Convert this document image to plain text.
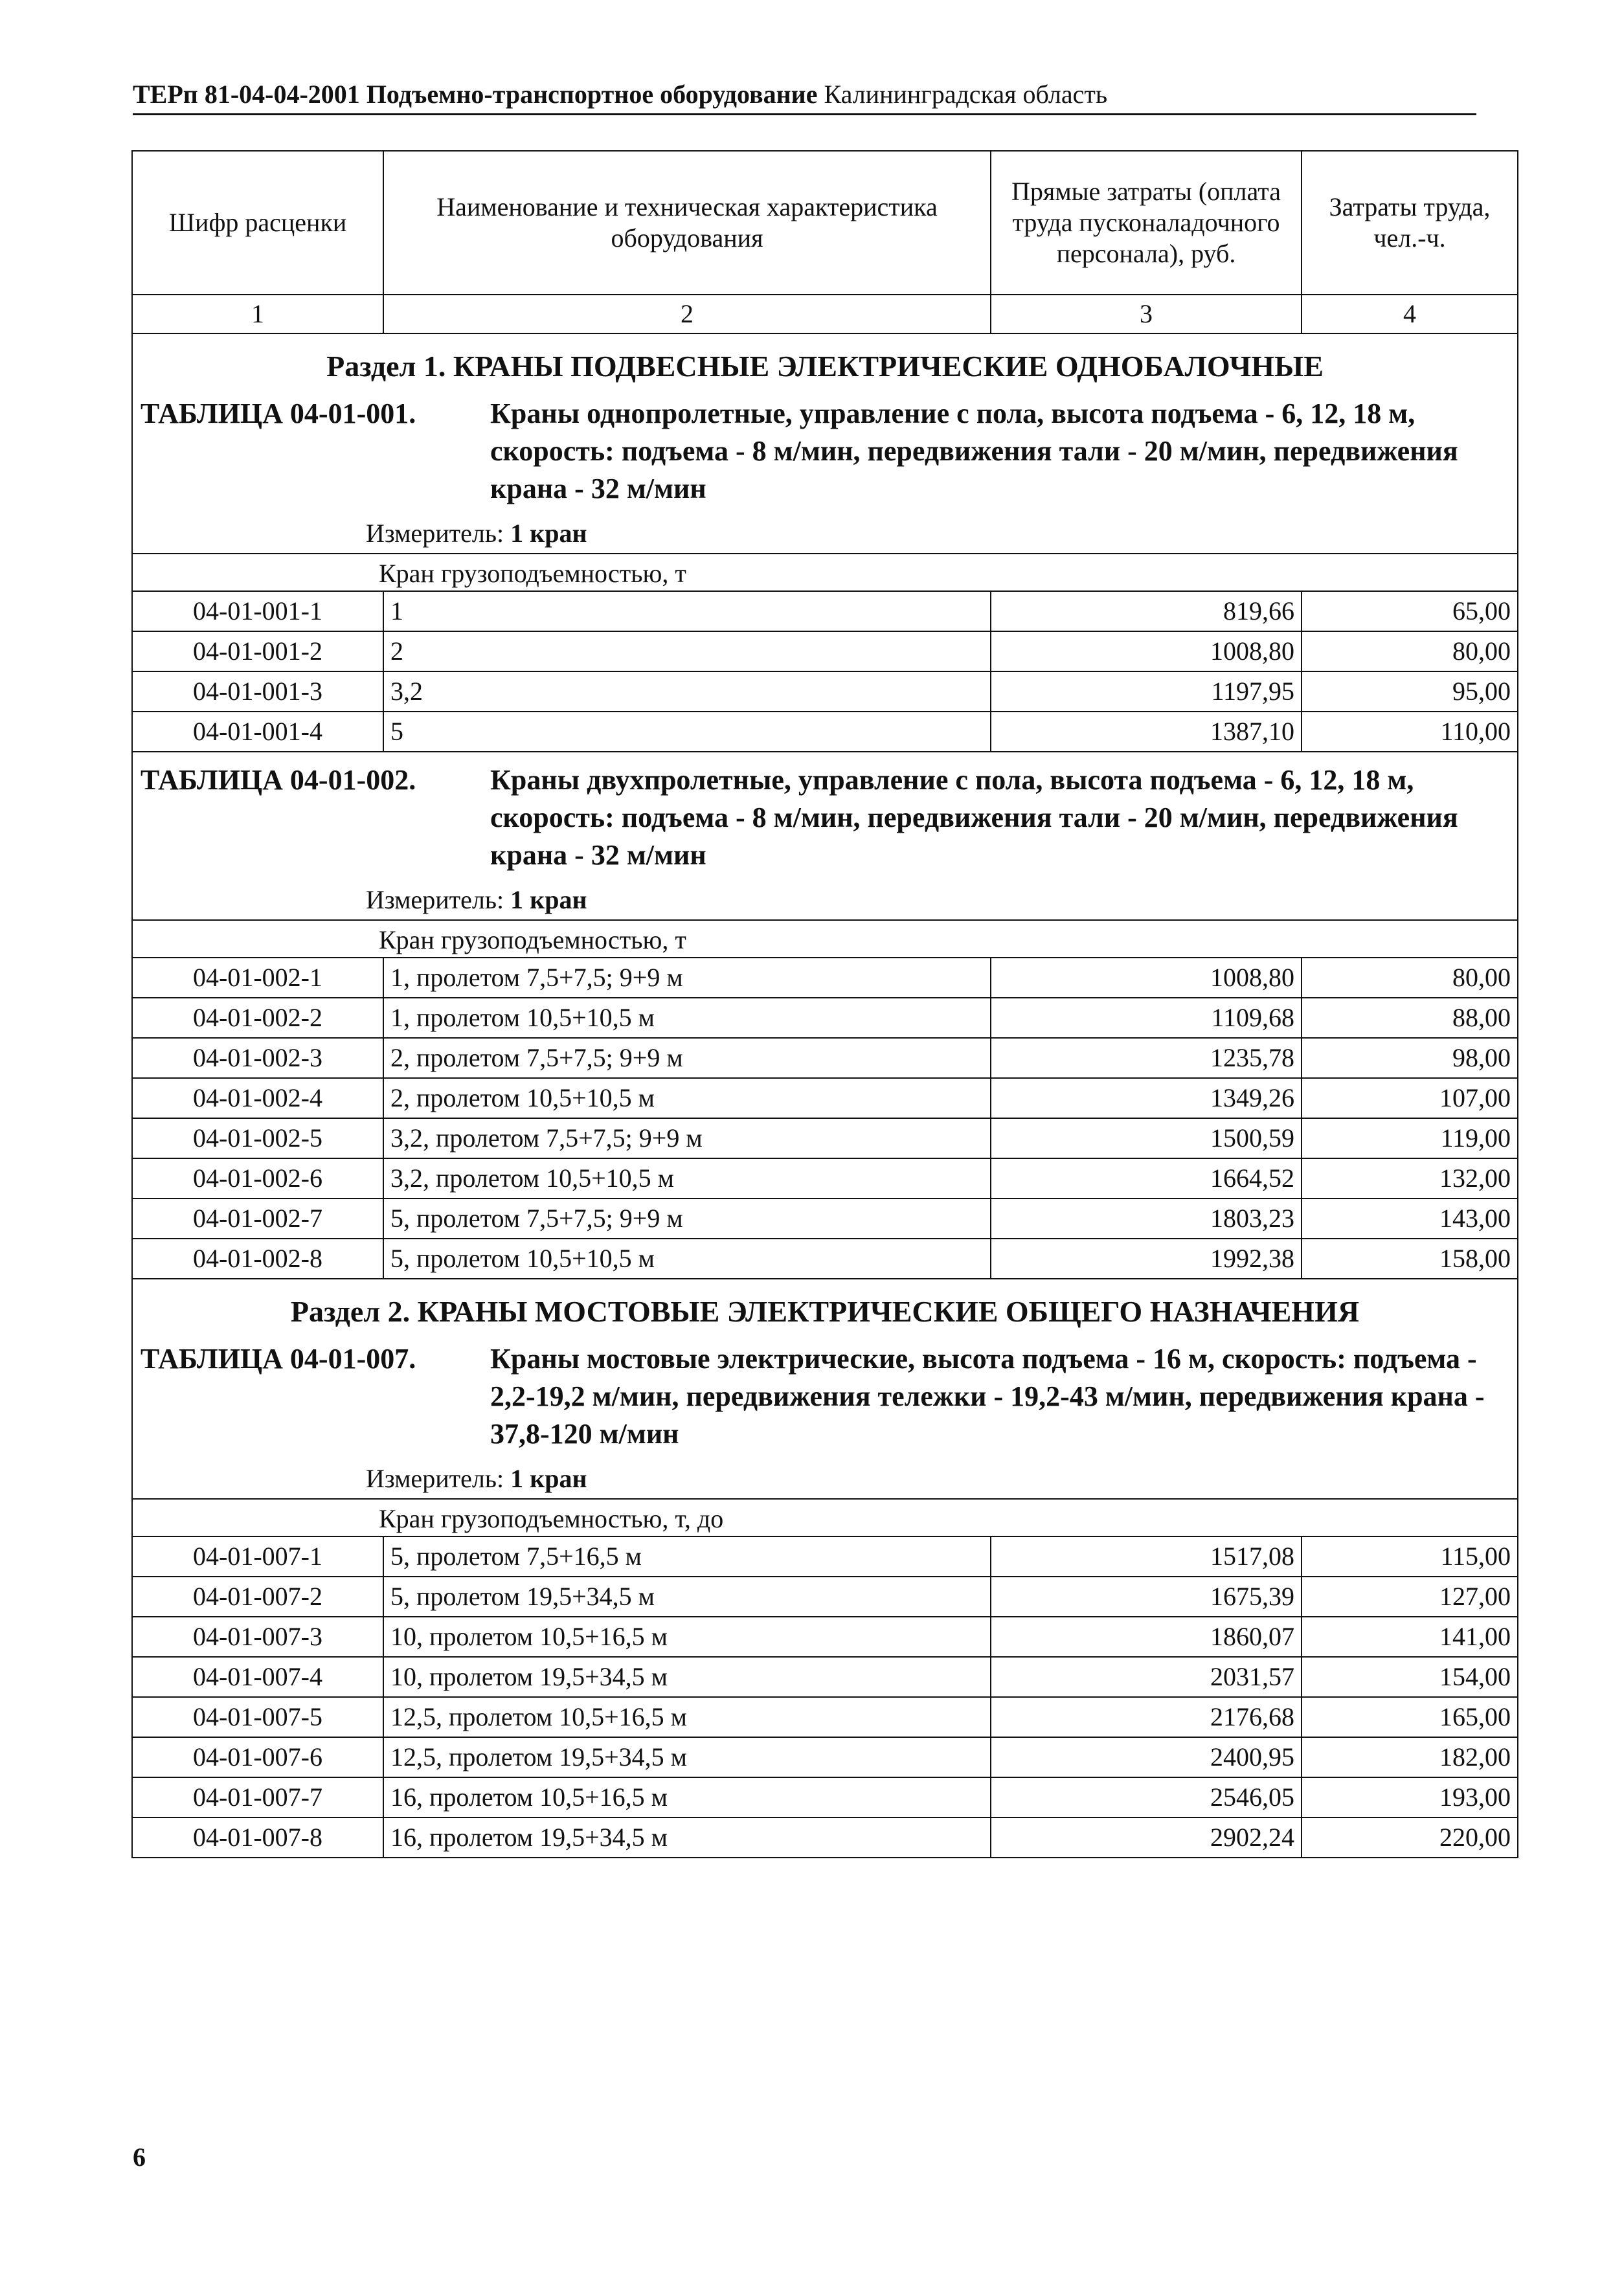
ТЕРп 81-04-04-2001 Подъемно-транспортное оборудование Калининградская область
Шифр расценки	Наименование и техническая характеристика оборудования	Прямые затраты (оплата труда пусконаладочного персонала), руб.	Затраты труда, чел.-ч.
1	2	3	4

Раздел 1. КРАНЫ ПОДВЕСНЫЕ ЭЛЕКТРИЧЕСКИЕ ОДНОБАЛОЧНЫЕ
ТАБЛИЦА 04-01-001. Краны однопролетные, управление с пола, высота подъема - 6, 12, 18 м, скорость: подъема - 8 м/мин, передвижения тали - 20 м/мин, передвижения крана - 32 м/мин
Измеритель: 1 кран			

Кран грузоподъемностью, т			
04-01-001-1	1	819,66	65,00
04-01-001-2	2	1008,80	80,00
04-01-001-3	3,2	1197,95	95,00
04-01-001-4	5	1387,10	110,00

ТАБЛИЦА 04-01-002. Краны двухпролетные, управление с пола, высота подъема - 6, 12, 18 м, скорость: подъема - 8 м/мин, передвижения тали - 20 м/мин, передвижения крана - 32 м/мин
Измеритель: 1 кран			

Кран грузоподъемностью, т			
04-01-002-1	1, пролетом 7,5+7,5; 9+9 м	1008,80	80,00
04-01-002-2	1, пролетом 10,5+10,5 м	1109,68	88,00
04-01-002-3	2, пролетом 7,5+7,5; 9+9 м	1235,78	98,00
04-01-002-4	2, пролетом 10,5+10,5 м	1349,26	107,00
04-01-002-5	3,2, пролетом 7,5+7,5; 9+9 м	1500,59	119,00
04-01-002-6	3,2, пролетом 10,5+10,5 м	1664,52	132,00
04-01-002-7	5, пролетом 7,5+7,5; 9+9 м	1803,23	143,00
04-01-002-8	5, пролетом 10,5+10,5 м	1992,38	158,00

Раздел 2. КРАНЫ МОСТОВЫЕ ЭЛЕКТРИЧЕСКИЕ ОБЩЕГО НАЗНАЧЕНИЯ
ТАБЛИЦА 04-01-007. Краны мостовые электрические, высота подъема - 16 м, скорость: подъема - 2,2-19,2 м/мин, передвижения тележки - 19,2-43 м/мин, передвижения крана - 37,8-120 м/мин
Измеритель: 1 кран			

Кран грузоподъемностью, т, до			
04-01-007-1	5, пролетом 7,5+16,5 м	1517,08	115,00
04-01-007-2	5, пролетом 19,5+34,5 м	1675,39	127,00
04-01-007-3	10, пролетом 10,5+16,5 м	1860,07	141,00
04-01-007-4	10, пролетом 19,5+34,5 м	2031,57	154,00
04-01-007-5	12,5, пролетом 10,5+16,5 м	2176,68	165,00
04-01-007-6	12,5, пролетом 19,5+34,5 м	2400,95	182,00
04-01-007-7	16, пролетом 10,5+16,5 м	2546,05	193,00
04-01-007-8	16, пролетом 19,5+34,5 м	2902,24	220,00
6
